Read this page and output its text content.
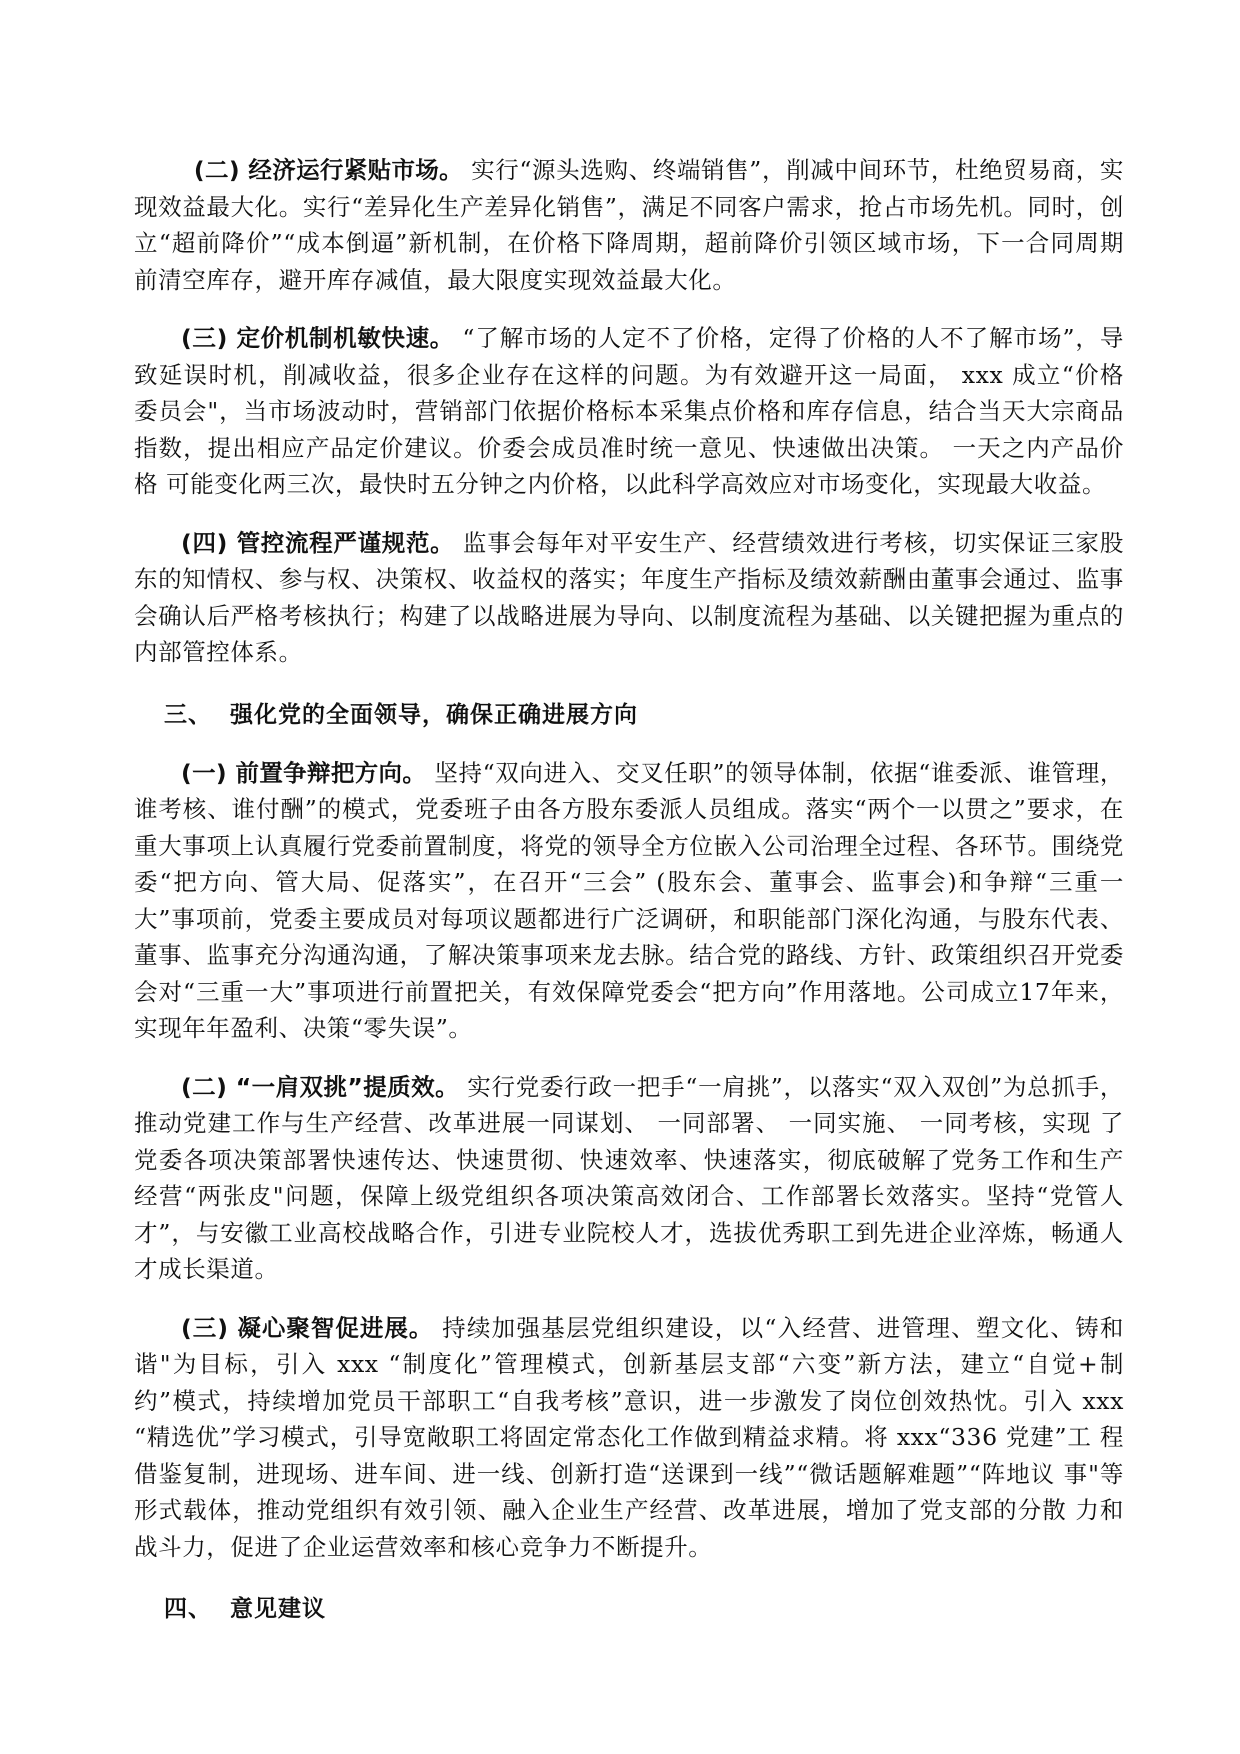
(二) 经济运行紧贴市场。 实行“源头选购、终端销售”，削减中间环节，杜绝贸易商，实现效益最大化。实行“差异化生产差异化销售”，满足不同客户需求，抢占市场先机。同时，创立“超前降价”“成本倒逼”新机制，在价格下降周期，超前降价引领区域市场，下一合同周期前清空库存，避开库存减值，最大限度实现效益最大化。

(三) 定价机制机敏快速。 “了解市场的人定不了价格，定得了价格的人不了解市场”，导致延误时机，削减收益，很多企业存在这样的问题。为有效避开这一局面， xxx 成立“价格 委员会"，当市场波动时，营销部门依据价格标本采集点价格和库存信息，结合当天大宗商品 指数，提出相应产品定价建议。价委会成员准时统一意见、快速做出决策。 一天之内产品价格 可能变化两三次，最快时五分钟之内价格，以此科学高效应对市场变化，实现最大收益。

(四) 管控流程严谨规范。 监事会每年对平安生产、经营绩效进行考核，切实保证三家股东的知情权、参与权、决策权、收益权的落实；年度生产指标及绩效薪酬由董事会通过、监事会确认后严格考核执行；构建了以战略进展为导向、以制度流程为基础、以关键把握为重点的内部管控体系。

三、 强化党的全面领导，确保正确进展方向

(一) 前置争辩把方向。 坚持“双向进入、交叉任职”的领导体制，依据“谁委派、谁管理，谁考核、谁付酬”的模式，党委班子由各方股东委派人员组成。落实“两个一以贯之”要求，在重大事项上认真履行党委前置制度，将党的领导全方位嵌入公司治理全过程、各环节。围绕党委“把方向、管大局、促落实”，在召开“三会” (股东会、董事会、监事会)和争辩“三重一大”事项前，党委主要成员对每项议题都进行广泛调研，和职能部门深化沟通，与股东代表、董事、监事充分沟通沟通，了解决策事项来龙去脉。结合党的路线、方针、政策组织召开党委会对“三重一大”事项进行前置把关，有效保障党委会“把方向”作用落地。公司成立17年来，实现年年盈利、决策“零失误”。

(二) “一肩双挑”提质效。 实行党委行政一把手“一肩挑”，以落实“双入双创”为总抓手，推动党建工作与生产经营、改革进展一同谋划、 一同部署、 一同实施、 一同考核，实现 了党委各项决策部署快速传达、快速贯彻、快速效率、快速落实，彻底破解了党务工作和生产 经营“两张皮"问题，保障上级党组织各项决策高效闭合、工作部署长效落实。坚持“党管人 才”，与安徽工业高校战略合作，引进专业院校人才，选拔优秀职工到先进企业淬炼，畅通人 才成长渠道。

(三) 凝心聚智促进展。 持续加强基层党组织建设，以“入经营、进管理、塑文化、铸和谐"为目标，引入 xxx “制度化”管理模式，创新基层支部“六变”新方法，建立“自觉+制 约”模式，持续增加党员干部职工“自我考核”意识，进一步激发了岗位创效热忱。引入 xxx “精选优”学习模式，引导宽敞职工将固定常态化工作做到精益求精。将 xxx“336 党建”工 程借鉴复制，进现场、进车间、进一线、创新打造“送课到一线”“微话题解难题”“阵地议 事"等形式载体，推动党组织有效引领、融入企业生产经营、改革进展，增加了党支部的分散 力和战斗力，促进了企业运营效率和核心竞争力不断提升。

四、 意见建议
